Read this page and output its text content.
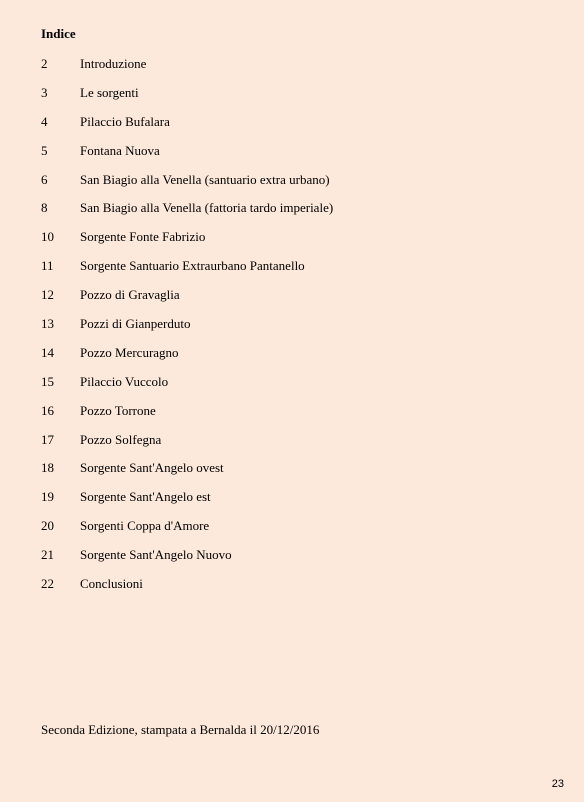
Indice
2	Introduzione
3	Le sorgenti
4	Pilaccio Bufalara
5	Fontana Nuova
6	San Biagio alla Venella (santuario extra urbano)
8	San Biagio alla Venella (fattoria tardo imperiale)
10	Sorgente Fonte Fabrizio
11	Sorgente Santuario Extraurbano Pantanello
12	Pozzo di Gravaglia
13	Pozzi di Gianperduto
14	Pozzo Mercuragno
15	Pilaccio Vuccolo
16	Pozzo Torrone
17	Pozzo Solfegna
18	Sorgente Sant'Angelo ovest
19	Sorgente Sant'Angelo est
20	Sorgenti Coppa d'Amore
21	Sorgente Sant'Angelo Nuovo
22	Conclusioni
Seconda Edizione, stampata a Bernalda il 20/12/2016
23
